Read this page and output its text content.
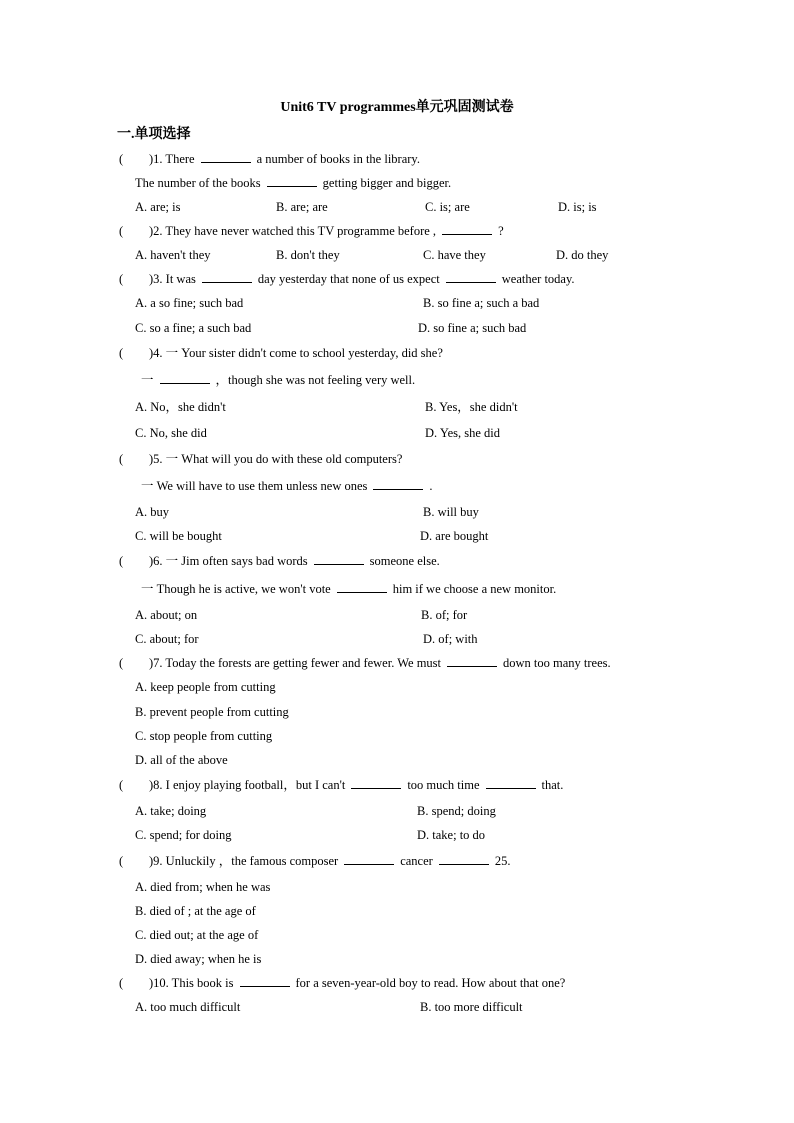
Unit6 TV programmes单元巩固测试卷
一.单项选择
( )1. There	a number of books in the library.
The number of the books	getting bigger and bigger.
A. are; is	B. are; are	C. is; are	D. is; is
( )2. They have never watched this TV programme before ,	?
A. haven't they	B. don't they	C. have they	D. do they
( )3. It was	day yesterday that none of us expect	weather today.
A. a so fine; such bad	B. so fine a; such a bad
C. so a fine; a such bad	D. so fine a; such bad
( )4. 一 Your sister didn't come to school yesterday, did she?
一	，though she was not feeling very well.
A. No，she didn't	B. Yes，she didn't
C. No, she did	D. Yes, she did
( )5. 一 What will you do with these old computers?
一 We will have to use them unless new ones	.
A. buy	B. will buy
C. will be bought	D. are bought
( )6. 一 Jim often says bad words	someone else.
一 Though he is active, we won't vote	him if we choose a new monitor.
A. about; on	B. of; for
C. about; for	D. of; with
( )7. Today the forests are getting fewer and fewer. We must	down too many trees.
A. keep people from cutting
B. prevent people from cutting
C. stop people from cutting
D. all of the above
( )8. I enjoy playing football，but I can't	too much time	that.
A. take; doing	B. spend; doing
C. spend; for doing	D. take; to do
( )9. Unluckily ，the famous composer	cancer	25.
A. died from; when he was
B. died of ; at the age of
C. died out; at the age of
D. died away; when he is
( )10. This book is	for a seven-year-old boy to read. How about that one?
A. too much difficult	B. too more difficult
